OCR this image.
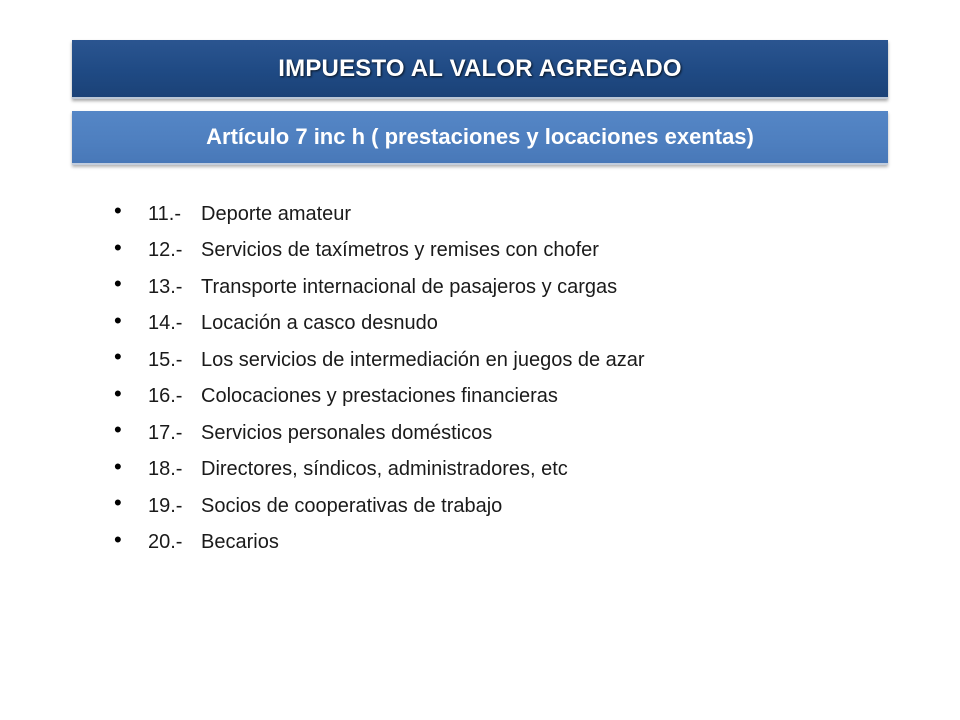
IMPUESTO AL VALOR AGREGADO
Artículo 7 inc h ( prestaciones y locaciones exentas)
•	11.-	Deporte amateur
•	12.- Servicios de taxímetros y remises con chofer
•	13.- Transporte internacional de pasajeros y cargas
•	14.- Locación a casco desnudo
•	15.- Los servicios de intermediación en juegos de azar
•	16.- Colocaciones y prestaciones financieras
•	17.- Servicios personales domésticos
•	18.- Directores, síndicos, administradores, etc
•	19.- Socios de cooperativas de trabajo
•	20.- Becarios
